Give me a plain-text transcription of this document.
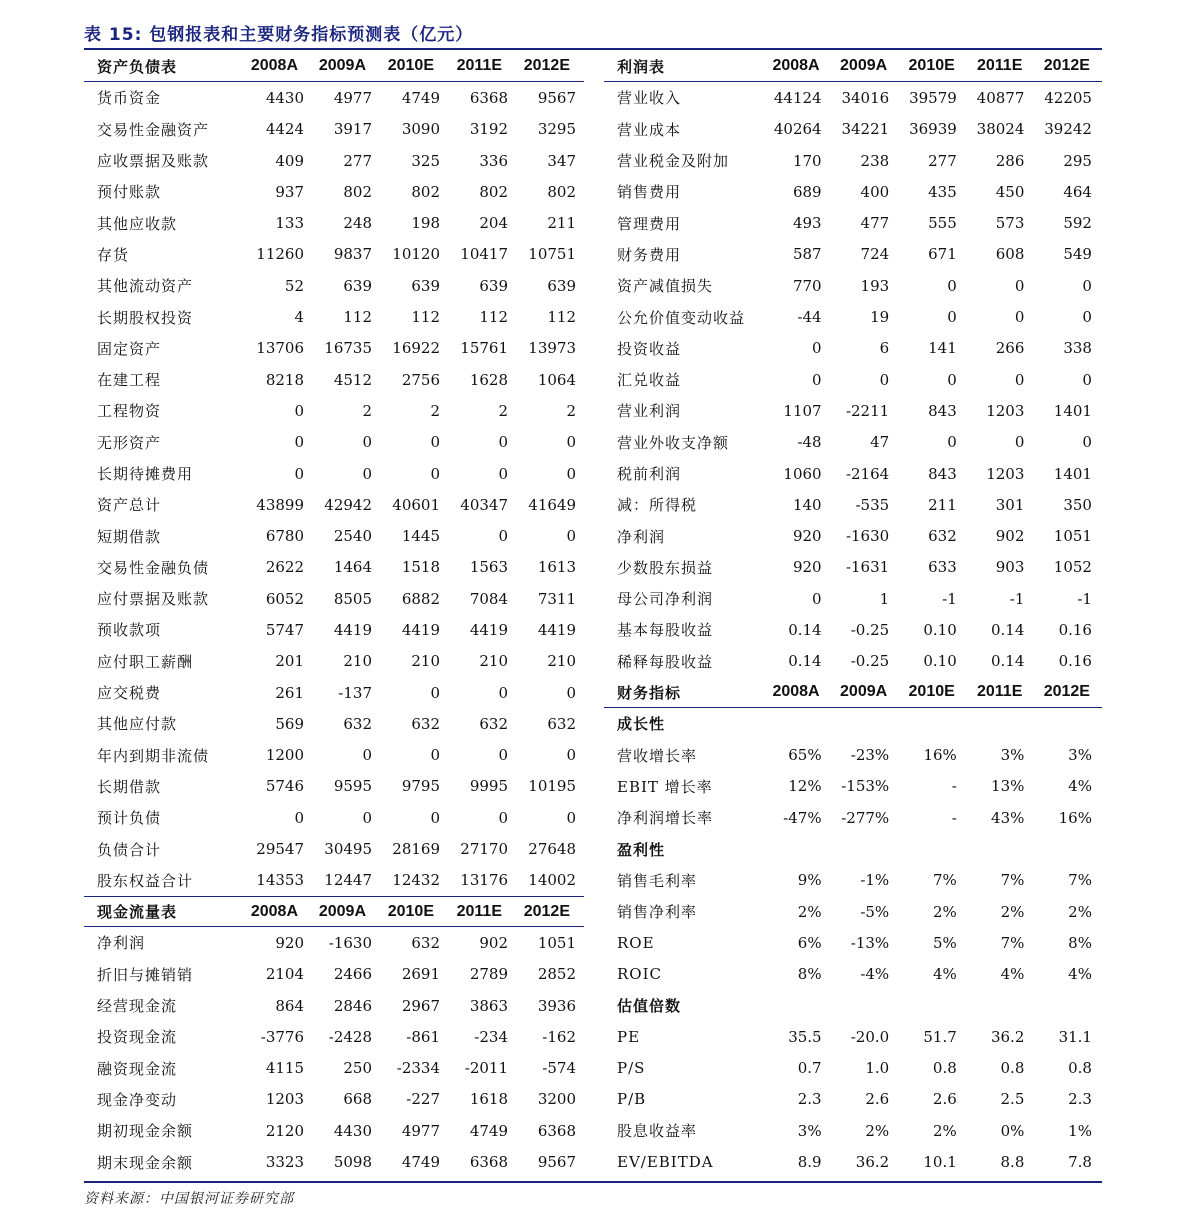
表 15: 包钢报表和主要财务指标预测表（亿元）
资产负债表	2008A	2009A	2010E	2011E	2012E
货币资金	4430	4977	4749	6368	9567
交易性金融资产	4424	3917	3090	3192	3295
应收票据及账款	409	277	325	336	347
预付账款	937	802	802	802	802
其他应收款	133	248	198	204	211
存货	11260	9837	10120	10417	10751
其他流动资产	52	639	639	639	639
长期股权投资	4	112	112	112	112
固定资产	13706	16735	16922	15761	13973
在建工程	8218	4512	2756	1628	1064
工程物资	0	2	2	2	2
无形资产	0	0	0	0	0
长期待摊费用	0	0	0	0	0
资产总计	43899	42942	40601	40347	41649
短期借款	6780	2540	1445	0	0
交易性金融负债	2622	1464	1518	1563	1613
应付票据及账款	6052	8505	6882	7084	7311
预收款项	5747	4419	4419	4419	4419
应付职工薪酬	201	210	210	210	210
应交税费	261	-137	0	0	0
其他应付款	569	632	632	632	632
年内到期非流债	1200	0	0	0	0
长期借款	5746	9595	9795	9995	10195
预计负债	0	0	0	0	0
负债合计	29547	30495	28169	27170	27648
股东权益合计	14353	12447	12432	13176	14002
现金流量表	2008A	2009A	2010E	2011E	2012E
净利润	920	-1630	632	902	1051
折旧与摊销销	2104	2466	2691	2789	2852
经营现金流	864	2846	2967	3863	3936
投资现金流	-3776	-2428	-861	-234	-162
融资现金流	4115	250	-2334	-2011	-574
现金净变动	1203	668	-227	1618	3200
期初现金余额	2120	4430	4977	4749	6368
期末现金余额	3323	5098	4749	6368	9567
利润表	2008A	2009A	2010E	2011E	2012E
营业收入	44124	34016	39579	40877	42205
营业成本	40264	34221	36939	38024	39242
营业税金及附加	170	238	277	286	295
销售费用	689	400	435	450	464
管理费用	493	477	555	573	592
财务费用	587	724	671	608	549
资产减值损失	770	193	0	0	0
公允价值变动收益	-44	19	0	0	0
投资收益	0	6	141	266	338
汇兑收益	0	0	0	0	0
营业利润	1107	-2211	843	1203	1401
营业外收支净额	-48	47	0	0	0
税前利润	1060	-2164	843	1203	1401
减：所得税	140	-535	211	301	350
净利润	920	-1630	632	902	1051
少数股东损益	920	-1631	633	903	1052
母公司净利润	0	1	-1	-1	-1
基本每股收益	0.14	-0.25	0.10	0.14	0.16
稀释每股收益	0.14	-0.25	0.10	0.14	0.16
财务指标	2008A	2009A	2010E	2011E	2012E
成长性
营收增长率	65%	-23%	16%	3%	3%
EBIT 增长率	12%	-153%	-	13%	4%
净利润增长率	-47%	-277%	-	43%	16%
盈利性
销售毛利率	9%	-1%	7%	7%	7%
销售净利率	2%	-5%	2%	2%	2%
ROE	6%	-13%	5%	7%	8%
ROIC	8%	-4%	4%	4%	4%
估值倍数
PE	35.5	-20.0	51.7	36.2	31.1
P/S	0.7	1.0	0.8	0.8	0.8
P/B	2.3	2.6	2.6	2.5	2.3
股息收益率	3%	2%	2%	0%	1%
EV/EBITDA	8.9	36.2	10.1	8.8	7.8
资料来源：中国银河证券研究部
